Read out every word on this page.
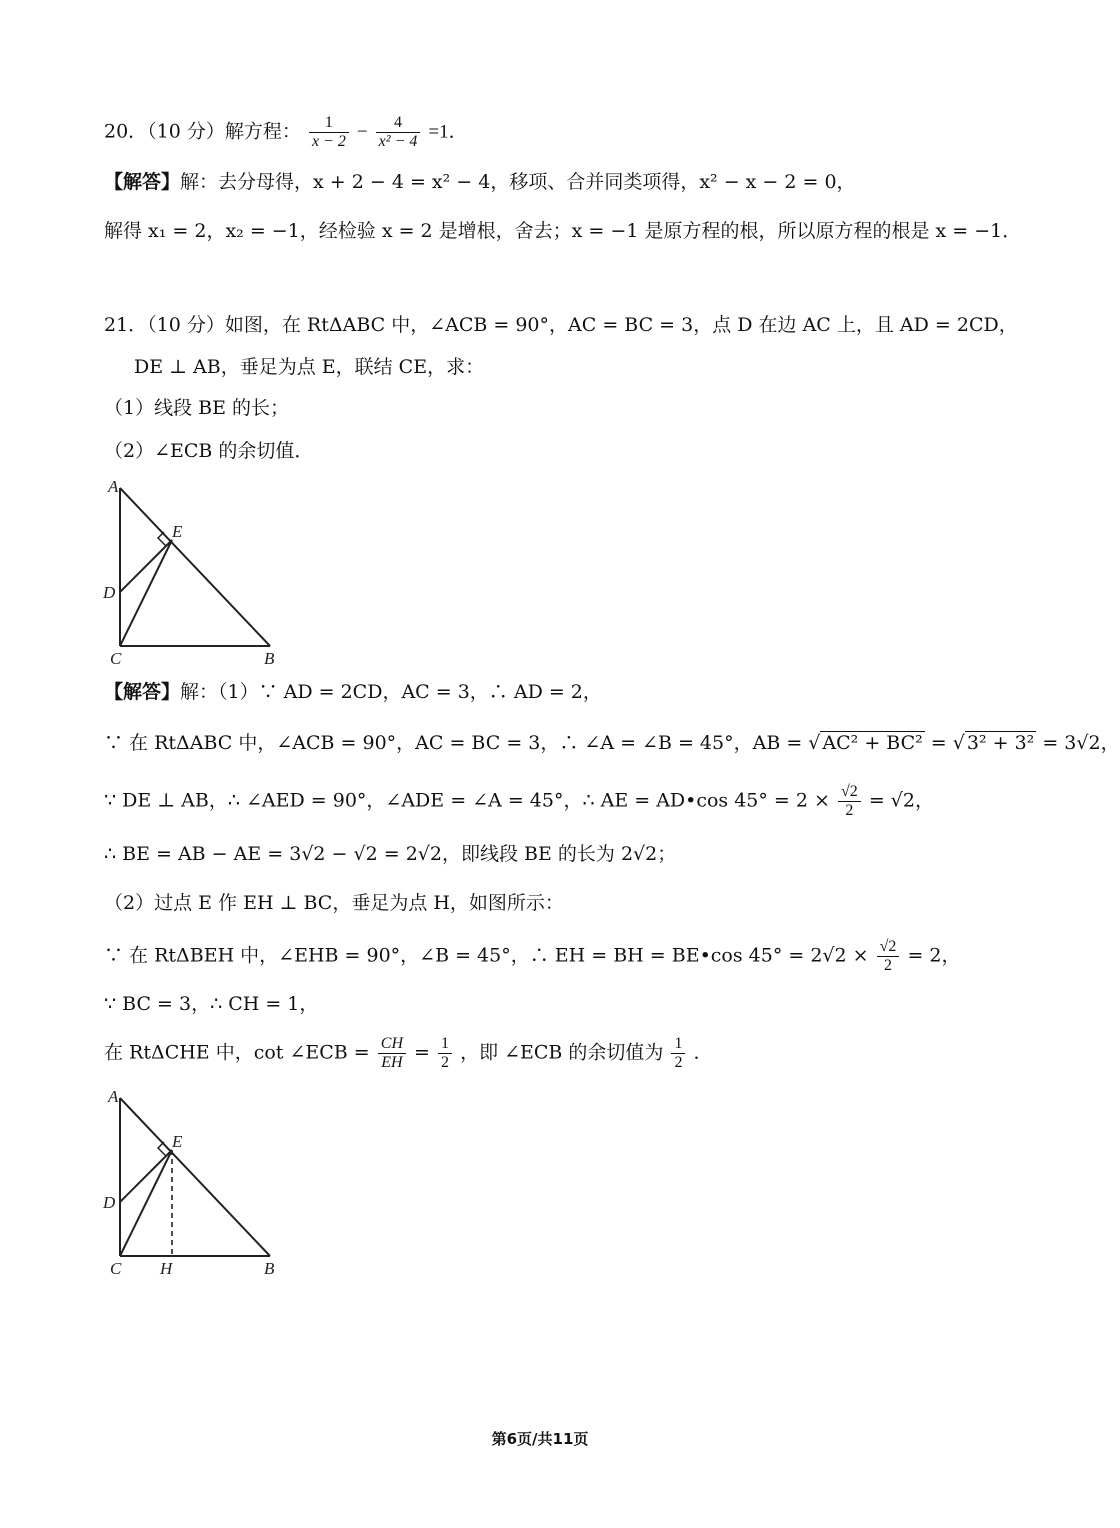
20．（10 分）解方程： $\frac{1}{x - 2} - \frac{4}{\text{x² − 4}} =1$．
【解答】解：去分母得，x + 2 − 4 = x² − 4，移项、合并同类项得，x² − x − 2 = 0，
解得 x₁ = 2，x₂ = −1，经检验 x = 2 是增根，舍去；x = −1 是原方程的根，所以原方程的根是 x = −1．
21．（10 分）如图，在 RtΔABC 中，∠ACB = 90°，AC = BC = 3，点 D 在边 AC 上，且 AD = 2CD，
DE ⊥ AB，垂足为点 E，联结 CE，求：
（1）线段 BE 的长；
（2）∠ECB 的余切值．
A
E
D
C	B
【解答】解：（1）∵ AD = 2CD，AC = 3，∴ AD = 2，
∵ 在 RtΔABC 中，∠ACB = 90°，AC = BC = 3，∴ ∠A = ∠B = 45°，AB = √ AC² + BC² = √ 3² + 3² = 3√2，
∵ DE ⊥ AB，∴ ∠AED = 90°，∠ADE = ∠A = 45°，∴ AE = AD•cos $45^\circ = 2 \times \frac{√2}{2} = √2$，
∴ BE = AB − AE = 3√2 − √2 = 2√2，即线段 BE 的长为 2√2；
（2）过点 E 作 EH ⊥ BC，垂足为点 H，如图所示：
∵ 在 RtΔBEH 中，∠EHB = 90°，∠B = 45°，∴ EH = BH = BE•cos $45^\circ = 2√2 \times \frac{√2}{2} = 2$，
∵ BC = 3，∴ CH = 1，
在 RtΔCHE 中，cot ∠ECB = $\frac{CH}{EH} = \frac{1}{2}$ ，即 ∠ECB 的余切值为 $\frac{1}{2}$ ．
A
E
D
C H	B
第6页/共11页
